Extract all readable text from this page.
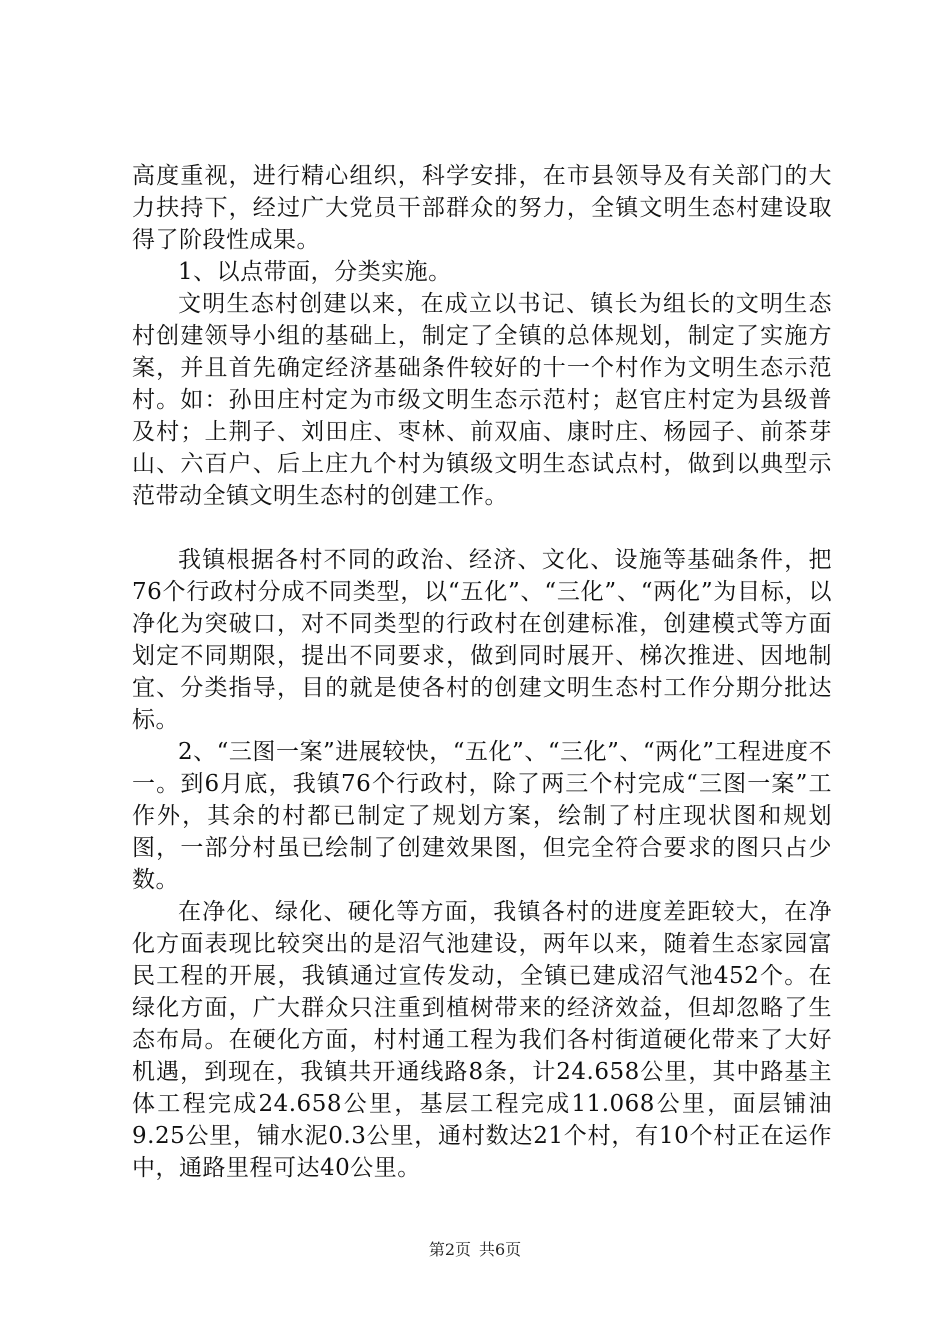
高度重视，进行精心组织，科学安排，在市县领导及有关部门的大力扶持下，经过广大党员干部群众的努力，全镇文明生态村建设取得了阶段性成果。

1、以点带面，分类实施。

文明生态村创建以来，在成立以书记、镇长为组长的文明生态村创建领导小组的基础上，制定了全镇的总体规划，制定了实施方案，并且首先确定经济基础条件较好的十一个村作为文明生态示范村。如：孙田庄村定为市级文明生态示范村；赵官庄村定为县级普及村；上荆子、刘田庄、枣林、前双庙、康时庄、杨园子、前茶芽山、六百户、后上庄九个村为镇级文明生态试点村，做到以典型示范带动全镇文明生态村的创建工作。

我镇根据各村不同的政治、经济、文化、设施等基础条件，把76个行政村分成不同类型，以“五化”、“三化”、“两化”为目标，以净化为突破口，对不同类型的行政村在创建标准，创建模式等方面划定不同期限，提出不同要求，做到同时展开、梯次推进、因地制宜、分类指导，目的就是使各村的创建文明生态村工作分期分批达标。

2、“三图一案”进展较快，“五化”、“三化”、“两化”工程进度不一。到6月底，我镇76个行政村，除了两三个村完成“三图一案”工作外，其余的村都已制定了规划方案，绘制了村庄现状图和规划图，一部分村虽已绘制了创建效果图，但完全符合要求的图只占少数。

在净化、绿化、硬化等方面，我镇各村的进度差距较大，在净化方面表现比较突出的是沼气池建设，两年以来，随着生态家园富民工程的开展，我镇通过宣传发动，全镇已建成沼气池452个。在绿化方面，广大群众只注重到植树带来的经济效益，但却忽略了生态布局。在硬化方面，村村通工程为我们各村街道硬化带来了大好机遇，到现在，我镇共开通线路8条，计24.658公里，其中路基主体工程完成24.658公里，基层工程完成11.068公里，面层铺油9.25公里，铺水泥0.3公里，通村数达21个村，有10个村正在运作中，通路里程可达40公里。

第2页 共6页
